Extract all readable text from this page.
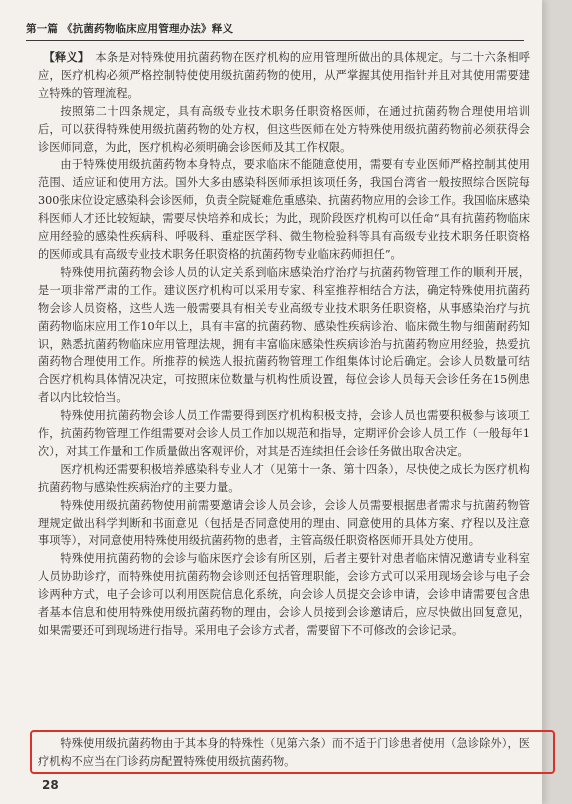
第一篇 《抗菌药物临床应用管理办法》释义

【释义】 本条是对特殊使用抗菌药物在医疗机构的应用管理所做出的具体规定。与二十六条相呼应，医疗机构必须严格控制特使使用级抗菌药物的使用，从严掌握其使用指针并且对其使用需要建立特殊的管理流程。

按照第二十四条规定，具有高级专业技术职务任职资格医师，在通过抗菌药物合理使用培训后，可以获得特殊使用级抗菌药物的处方权，但这些医师在处方特殊使用级抗菌药物前必须获得会诊医师同意，为此，医疗机构必须明确会诊医师及其工作权限。

由于特殊使用级抗菌药物本身特点，要求临床不能随意使用，需要有专业医师严格控制其使用范围、适应证和使用方法。国外大多由感染科医师承担该项任务，我国台湾省一般按照综合医院每300张床位设定感染科会诊医师，负责全院疑难危重感染、抗菌药物应用的会诊工作。我国临床感染科医师人才还比较短缺，需要尽快培养和成长；为此，现阶段医疗机构可以任命“具有抗菌药物临床应用经验的感染性疾病科、呼吸科、重症医学科、微生物检验科等具有高级专业技术职务任职资格的医师或具有高级专业技术职务任职资格的抗菌药物专业临床药师担任”。

特殊使用抗菌药物会诊人员的认定关系到临床感染治疗治疗与抗菌药物管理工作的顺利开展，是一项非常严肃的工作。建议医疗机构可以采用专家、科室推荐相结合方法，确定特殊使用抗菌药物会诊人员资格，这些人选一般需要具有相关专业高级专业技术职务任职资格，从事感染治疗与抗菌药物临床应用工作10年以上，具有丰富的抗菌药物、感染性疾病诊治、临床微生物与细菌耐药知识，熟悉抗菌药物临床应用管理法规，拥有丰富临床感染性疾病诊治与抗菌药物应用经验，热爱抗菌药物合理使用工作。所推荐的候选人报抗菌药物管理工作组集体讨论后确定。会诊人员数量可结合医疗机构具体情况决定，可按照床位数量与机构性质设置，每位会诊人员每天会诊任务在15例患者以内比较恰当。

特殊使用抗菌药物会诊人员工作需要得到医疗机构积极支持，会诊人员也需要积极参与该项工作，抗菌药物管理工作组需要对会诊人员工作加以规范和指导，定期评价会诊人员工作（一般每年1次），对其工作量和工作质量做出客观评价，对其是否连续担任会诊任务做出取舍决定。

医疗机构还需要积极培养感染科专业人才（见第十一条、第十四条），尽快使之成长为医疗机构抗菌药物与感染性疾病治疗的主要力量。

特殊使用级抗菌药物使用前需要邀请会诊人员会诊，会诊人员需要根据患者需求与抗菌药物管理规定做出科学判断和书面意见（包括是否同意使用的理由、同意使用的具体方案、疗程以及注意事项等），对同意使用特殊使用级抗菌药物的患者，主管高级任职资格医师开具处方使用。

特殊使用抗菌药物的会诊与临床医疗会诊有所区别，后者主要针对患者临床情况邀请专业科室人员协助诊疗，而特殊使用抗菌药物会诊则还包括管理职能，会诊方式可以采用现场会诊与电子会诊两种方式，电子会诊可以利用医院信息化系统，向会诊人员提交会诊申请，会诊申请需要包含患者基本信息和使用特殊使用级抗菌药物的理由，会诊人员接到会诊邀请后，应尽快做出回复意见，如果需要还可到现场进行指导。采用电子会诊方式者，需要留下不可修改的会诊记录。

特殊使用级抗菌药物由于其本身的特殊性（见第六条）而不适于门诊患者使用（急诊除外），医疗机构不应当在门诊药房配置特殊使用级抗菌药物。
28
